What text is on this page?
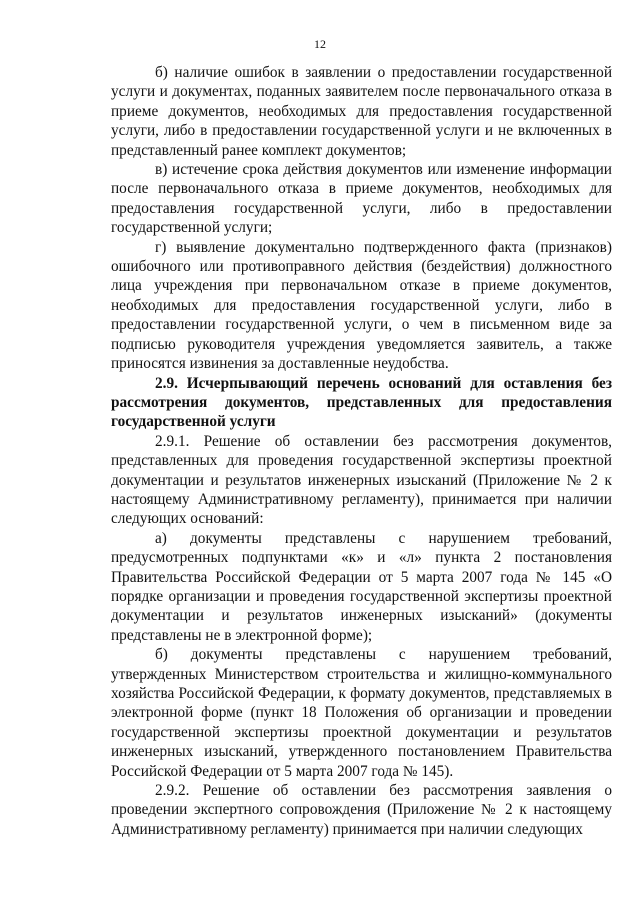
12

б) наличие ошибок в заявлении о предоставлении государственной услуги и документах, поданных заявителем после первоначального отказа в приеме документов, необходимых для предоставления государственной услуги, либо в предоставлении государственной услуги и не включенных в представленный ранее комплект документов;

в) истечение срока действия документов или изменение информации после первоначального отказа в приеме документов, необходимых для предоставления государственной услуги, либо в предоставлении государственной услуги;

г) выявление документально подтвержденного факта (признаков) ошибочного или противоправного действия (бездействия) должностного лица учреждения при первоначальном отказе в приеме документов, необходимых для предоставления государственной услуги, либо в предоставлении государственной услуги, о чем в письменном виде за подписью руководителя учреждения уведомляется заявитель, а также приносятся извинения за доставленные неудобства.

2.9. Исчерпывающий перечень оснований для оставления без рассмотрения документов, представленных для предоставления государственной услуги

2.9.1. Решение об оставлении без рассмотрения документов, представленных для проведения государственной экспертизы проектной документации и результатов инженерных изысканий (Приложение № 2 к настоящему Административному регламенту), принимается при наличии следующих оснований:

а) документы представлены с нарушением требований, предусмотренных подпунктами «к» и «л» пункта 2 постановления Правительства Российской Федерации от 5 марта 2007 года № 145 «О порядке организации и проведения государственной экспертизы проектной документации и результатов инженерных изысканий» (документы представлены не в электронной форме);

б) документы представлены с нарушением требований, утвержденных Министерством строительства и жилищно-коммунального хозяйства Российской Федерации, к формату документов, представляемых в электронной форме (пункт 18 Положения об организации и проведении государственной экспертизы проектной документации и результатов инженерных изысканий, утвержденного постановлением Правительства Российской Федерации от 5 марта 2007 года № 145).

2.9.2. Решение об оставлении без рассмотрения заявления о проведении экспертного сопровождения (Приложение № 2 к настоящему Административному регламенту) принимается при наличии следующих
